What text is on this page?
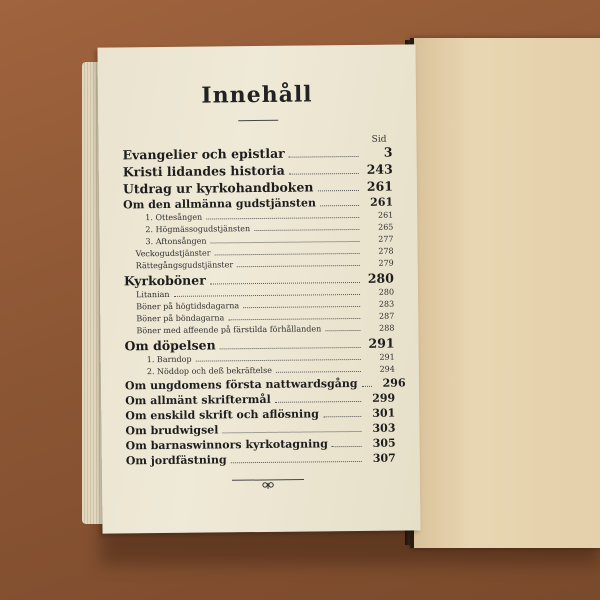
Innehåll
Sid
Evangelier och epistlar	3
Kristi lidandes historia	243
Utdrag ur kyrkohandboken	261
Om den allmänna gudstjänsten	261
1. Ottesången	261
2. Högmässogudstjänsten	265
3. Aftonsången	277
Veckogudstjänster	278
Rättegångsgudstjänster	279
Kyrkoböner	280
Litanian	280
Böner på högtidsdagarna	283
Böner på böndagarna	287
Böner med affeende på färstilda förhållanden	288
Om döpelsen	291
1. Barndop	291
2. Nöddop och deß bekräftelse	294
Om ungdomens första nattwardsgång	296
Om allmänt skriftermål	299
Om enskild skrift och aflösning	301
Om brudwigsel	303
Om barnaswinnors kyrkotagning	305
Om jordfästning	307
